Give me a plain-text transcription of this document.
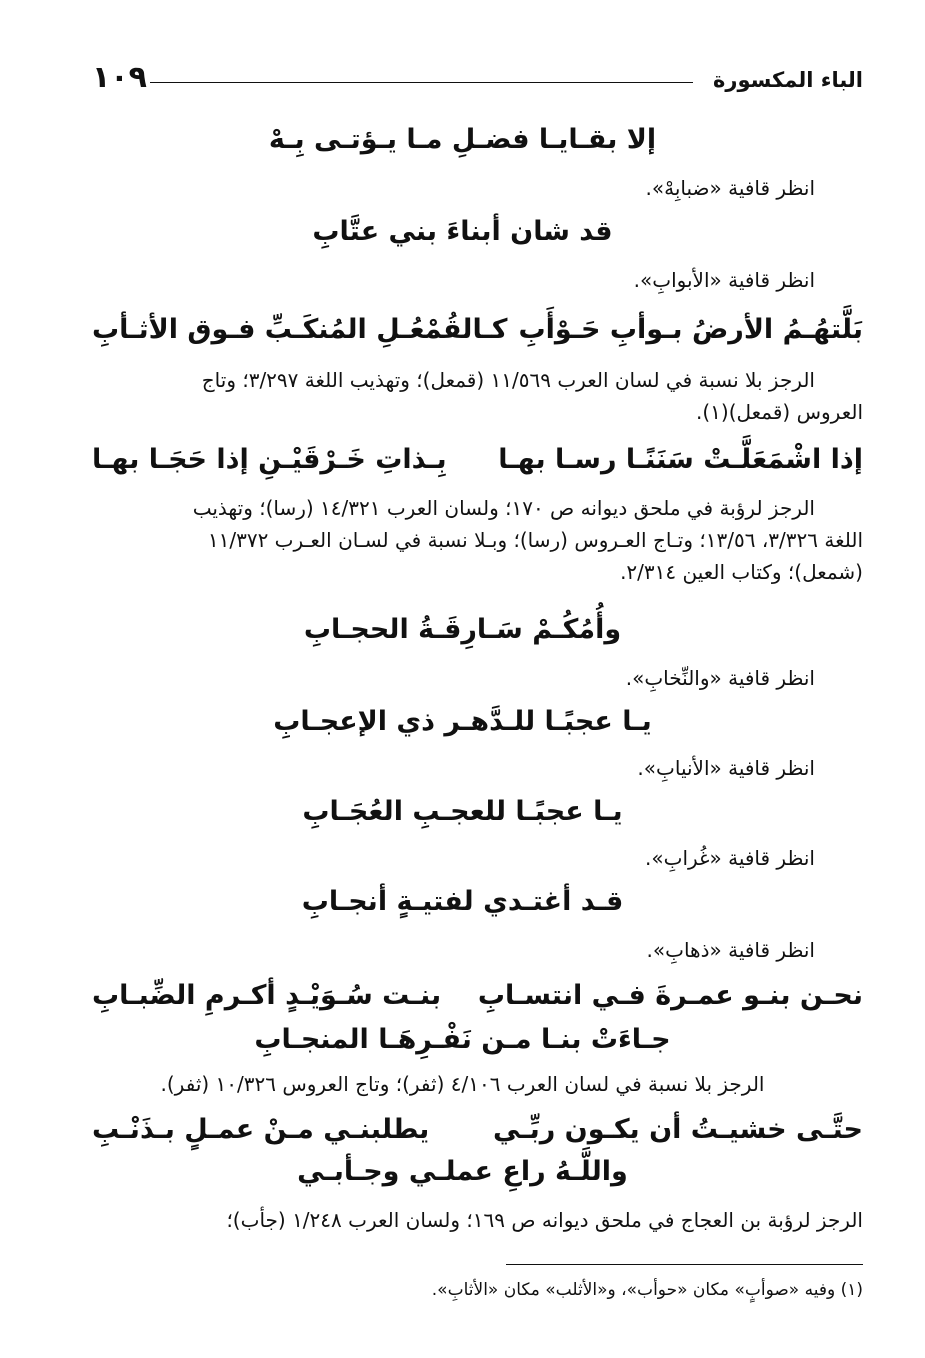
الباء المكسورة
١٠٩
إلا بقـايـا فضـلِ مـا يـؤتـى بِـهْ
انظر قافية «ضبابِهْ».
قد شان أبناءَ بني عتَّابِ
انظر قافية «الأبوابِ».
بَلَّتهُـمُ الأرضُ بـوأبِ حَـوْأَبِ
كـالقُمْعُـلِ المُنكَـبِّ فـوق الأثـأبِ
الرجز بلا نسبة في لسان العرب ١١/٥٦٩ (قمعل)؛ وتهذيب اللغة ٣/٢٩٧؛ وتاج
العروس (قمعل)(١).
إذا اشْمَعَلَّـتْ سَنَنًـا رسـا بهـا
بِـذاتِ خَـرْقَيْـنِ إذا حَجَـا بهـا
الرجز لرؤبة في ملحق ديوانه ص ١٧٠؛ ولسان العرب ١٤/٣٢١ (رسا)؛ وتهذيب
اللغة ٣/٣٢٦، ١٣/٥٦؛ وتـاج العـروس (رسا)؛ وبـلا نسبة في لسـان العـرب ١١/٣٧٢
(شمعل)؛ وكتاب العين ٢/٣١٤.
وأُمُكُـمْ سَـارِقَـةُ الحجـابِ
انظر قافية «والنِّخابِ».
يـا عجبًـا للـدَّهـر ذي الإعجـابِ
انظر قافية «الأنيابِ».
يـا عجبًـا للعجـبِ العُجَـابِ
انظر قافية «غُرابِ».
قـد أغتـدي لفتيـةٍ أنجـابِ
انظر قافية «ذهابِ».
نحـن بنـو عمـرةَ فـي انتسـابِ
بنـت سُـوَيْـدٍ أكـرمِ الضِّبـابِ
جـاءَتْ بنـا مـن نَفْـرِهَـا المنجـابِ
الرجز بلا نسبة في لسان العرب ٤/١٠٦ (ثفر)؛ وتاج العروس ١٠/٣٢٦ (ثفر).
حتَّـى خشيـتُ أن يكـون ربِّـي
يطلبنـي مـنْ عمـلٍ بـذَنْـبِ
واللَّـهُ راعِ عملـي وجـأبـي
الرجز لرؤبة بن العجاج في ملحق ديوانه ص ١٦٩؛ ولسان العرب ١/٢٤٨ (جأب)؛
(١) وفيه «صوأبٍ» مكان «حوأب»، و«الأثلب» مكان «الأثابِ».
